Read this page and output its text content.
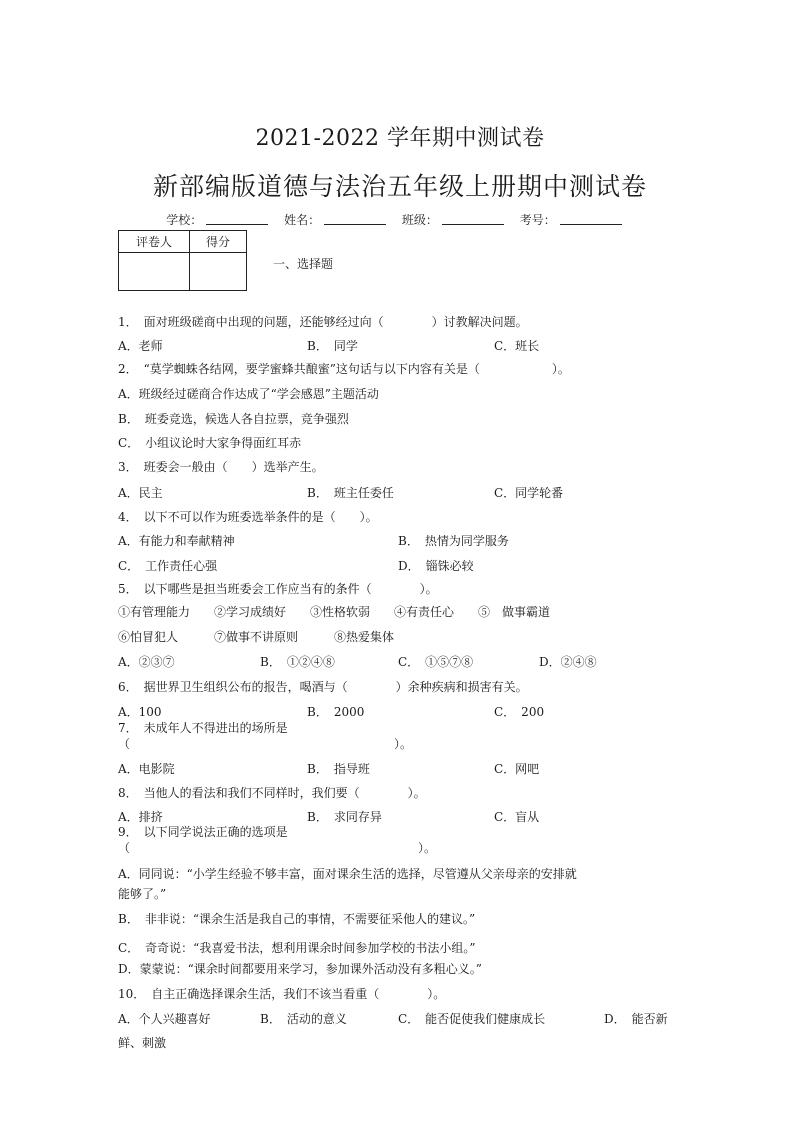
2021-2022 学年期中测试卷
新部编版道德与法治五年级上册期中测试卷
学校：	姓名：	班级：	考号：
评卷人	得分

一、选择题
1．　面对班级磋商中出现的问题，还能够经过向（　　　　）讨教解决问题。
A．老师	B．　同学	C．班长
2．　“莫学蜘蛛各结网，要学蜜蜂共酿蜜”这句话与以下内容有关是（　　　　　　）。
A．班级经过磋商合作达成了“学会感恩”主题活动
B．　班委竞选，候选人各自拉票，竞争强烈
C．　小组议论时大家争得面红耳赤
3．　班委会一般由（　　）选举产生。
A．民主	B．　班主任委任	C．同学轮番
4．　以下不可以作为班委选举条件的是（　　）。
A．有能力和奉献精神	B．　热情为同学服务
C．　工作责任心强	D．　锱铢必较
5．　以下哪些是担当班委会工作应当有的条件（　　　　）。
①有管理能力　　②学习成绩好　　③性格软弱　　④有责任心　　⑤　做事霸道
⑥怕冒犯人　　　⑦做事不讲原则　　　⑧热爱集体
A．②③⑦	B．　①②④⑧	C．　①⑤⑦⑧	D．②④⑧
6．　据世界卫生组织公布的报告，喝酒与（　　　　）余种疾病和损害有关。
A．100	B．　2000	C．　200
7．　未成年人不得进出的场所是
（　　　　　　　　　　　　　　　　　　　　　　）。
A．电影院	B．　指导班	C．网吧
8．　当他人的看法和我们不同样时，我们要（　　　　）。
A．排挤	B．　求同存异	C．盲从
9．　以下同学说法正确的选项是
（　　　　　　　　　　　　　　　　　　　　　　　　）。
A．同同说：“小学生经验不够丰富，面对课余生活的选择，尽管遵从父亲母亲的安排就
能够了。”
B．　非非说：“课余生活是我自己的事情，不需要征采他人的建议。”
C．　奇奇说：“我喜爱书法，想利用课余时间参加学校的书法小组。”
D．蒙蒙说：“课余时间都要用来学习，参加课外活动没有多粗心义。”
10．　自主正确选择课余生活，我们不该当看重（　　　　）。
A．个人兴趣喜好	B．　活动的意义	C．　能否促使我们健康成长	D．　能否新
鲜、刺激
